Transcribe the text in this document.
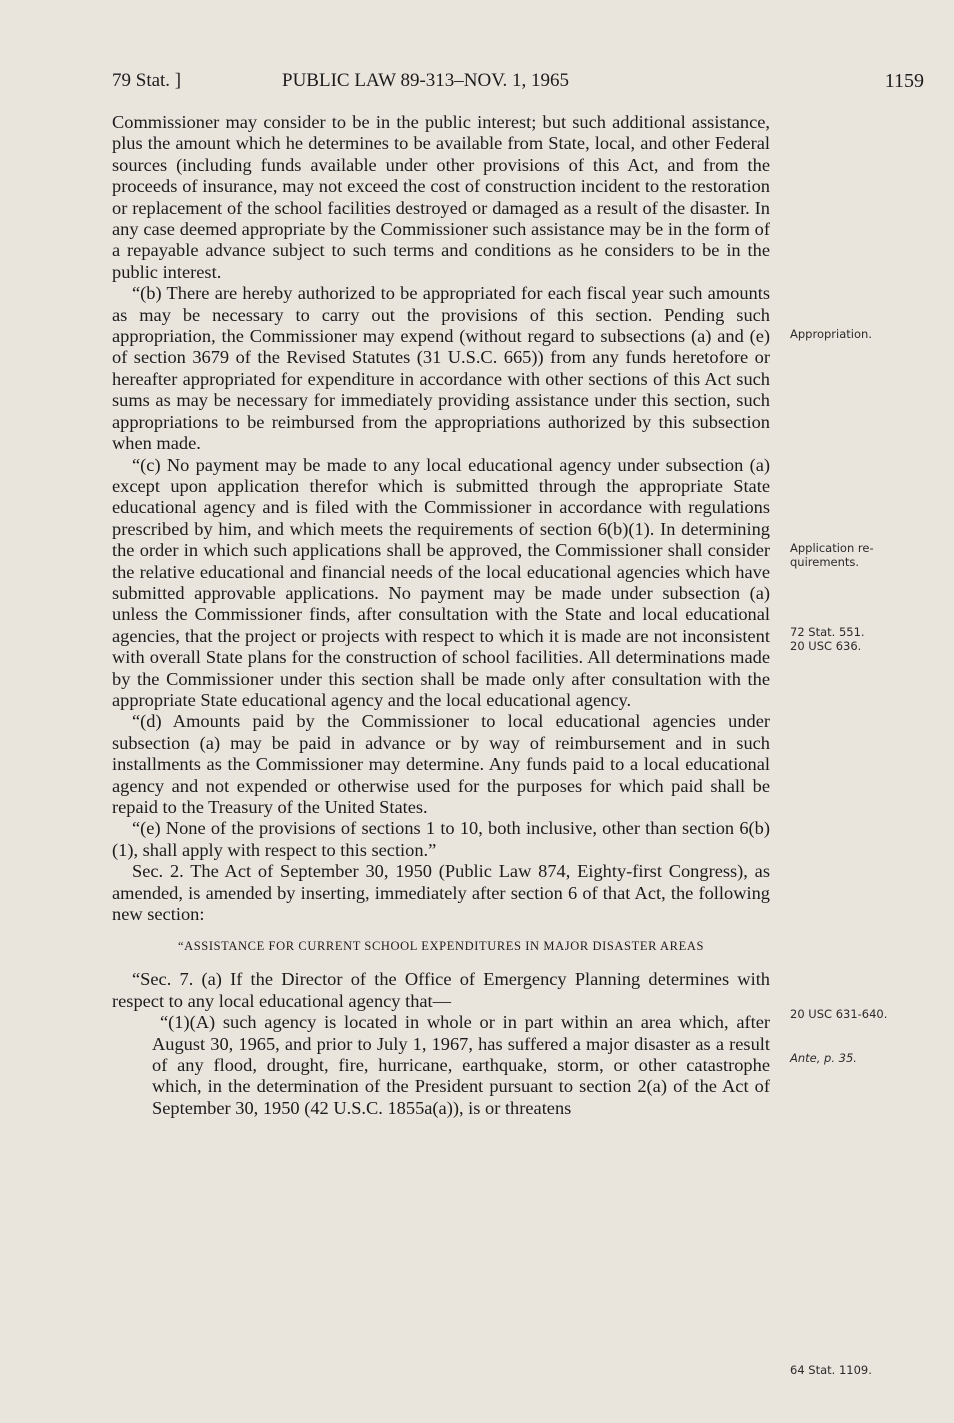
79 Stat. ]	PUBLIC LAW 89-313–NOV. 1, 1965	1159

Commissioner may consider to be in the public interest; but such additional assistance, plus the amount which he determines to be available from State, local, and other Federal sources (including funds available under other provisions of this Act, and from the proceeds of insurance, may not exceed the cost of construction incident to the restoration or replacement of the school facilities destroyed or damaged as a result of the disaster. In any case deemed appropriate by the Commissioner such assistance may be in the form of a repayable advance subject to such terms and conditions as he considers to be in the public interest.

“(b) There are hereby authorized to be appropriated for each fiscal year such amounts as may be necessary to carry out the provisions of this section. Pending such appropriation, the Commissioner may expend (without regard to subsections (a) and (e) of section 3679 of the Revised Statutes (31 U.S.C. 665)) from any funds heretofore or hereafter appropriated for expenditure in accordance with other sections of this Act such sums as may be necessary for immediately providing assistance under this section, such appropriations to be reimbursed from the appropriations authorized by this subsection when made.

“(c) No payment may be made to any local educational agency under subsection (a) except upon application therefor which is submitted through the appropriate State educational agency and is filed with the Commissioner in accordance with regulations prescribed by him, and which meets the requirements of section 6(b)(1). In determining the order in which such applications shall be approved, the Commissioner shall consider the relative educational and financial needs of the local educational agencies which have submitted approvable applications. No payment may be made under subsection (a) unless the Commissioner finds, after consultation with the State and local educational agencies, that the project or projects with respect to which it is made are not inconsistent with overall State plans for the construction of school facilities. All determinations made by the Commissioner under this section shall be made only after consultation with the appropriate State educational agency and the local educational agency.

“(d) Amounts paid by the Commissioner to local educational agencies under subsection (a) may be paid in advance or by way of reimbursement and in such installments as the Commissioner may determine. Any funds paid to a local educational agency and not expended or otherwise used for the purposes for which paid shall be repaid to the Treasury of the United States.

“(e) None of the provisions of sections 1 to 10, both inclusive, other than section 6(b)(1), shall apply with respect to this section.”

Sec. 2. The Act of September 30, 1950 (Public Law 874, Eighty-first Congress), as amended, is amended by inserting, immediately after section 6 of that Act, the following new section:

“ASSISTANCE FOR CURRENT SCHOOL EXPENDITURES IN MAJOR DISASTER AREAS

“Sec. 7. (a) If the Director of the Office of Emergency Planning determines with respect to any local educational agency that—

“(1)(A) such agency is located in whole or in part within an area which, after August 30, 1965, and prior to July 1, 1967, has suffered a major disaster as a result of any flood, drought, fire, hurricane, earthquake, storm, or other catastrophe which, in the determination of the President pursuant to section 2(a) of the Act of September 30, 1950 (42 U.S.C. 1855a(a)), is or threatens

Appropriation.
Application re-
quirements.
72 Stat. 551.
20 USC 636.
20 USC 631-640.
Ante, p. 35.
64 Stat. 1109.
